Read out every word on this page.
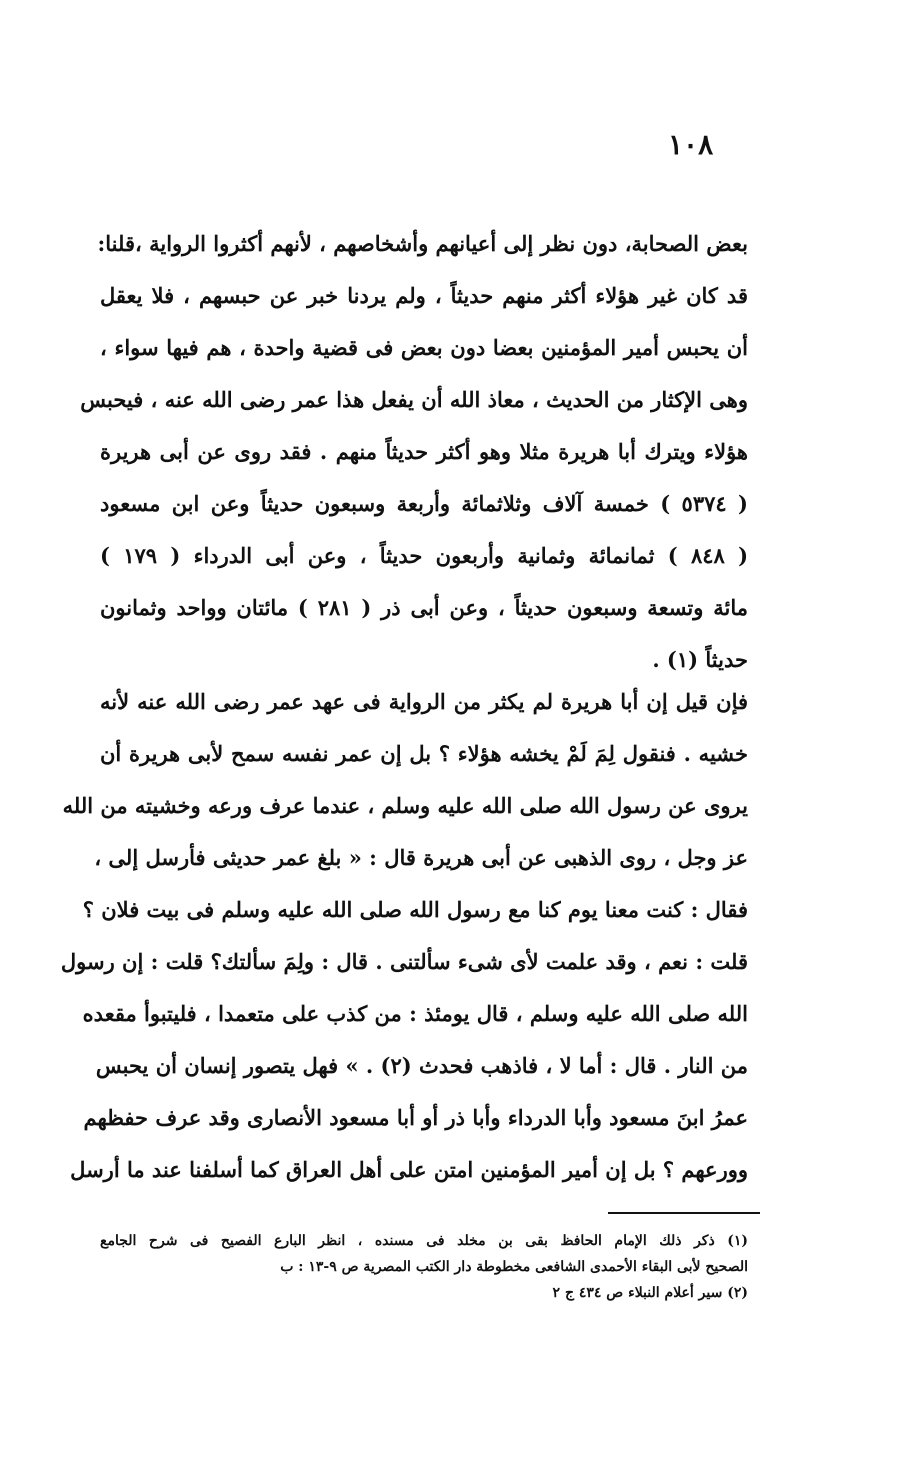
١٠٨
بعض الصحابة، دون نظر إلى أعيانهم وأشخاصهم ، لأنهم أكثروا الرواية ،قلنا:
قد كان غير هؤلاء أكثر منهم حديثاً ، ولم يردنا خبر عن حبسهم ، فلا يعقل
أن يحبس أمير المؤمنين بعضا دون بعض فى قضية واحدة ، هم فيها سواء ،
وهى الإكثار من الحديث ، معاذ الله أن يفعل هذا عمر رضى الله عنه ، فيحبس
هؤلاء ويترك أبا هريرة مثلا وهو أكثر حديثاً منهم . فقد روى عن أبى هريرة
( ٥٣٧٤ ) خمسة آلاف وثلاثمائة وأربعة وسبعون حديثاً وعن ابن مسعود
( ٨٤٨ ) ثمانمائة وثمانية وأربعون حديثاً ، وعن أبى الدرداء ( ١٧٩ )
مائة وتسعة وسبعون حديثاً ، وعن أبى ذر ( ٢٨١ ) مائتان وواحد وثمانون
حديثاً (١) .
فإن قيل إن أبا هريرة لم يكثر من الرواية فى عهد عمر رضى الله عنه لأنه
خشيه . فنقول لِمَ لَمْ يخشه هؤلاء ؟ بل إن عمر نفسه سمح لأبى هريرة أن
يروى عن رسول الله صلى الله عليه وسلم ، عندما عرف ورعه وخشيته من الله
عز وجل ، روى الذهبى عن أبى هريرة قال : « بلغ عمر حديثى فأرسل إلى ،
فقال : كنت معنا يوم كنا مع رسول الله صلى الله عليه وسلم فى بيت فلان ؟
قلت : نعم ، وقد علمت لأى شىء سألتنى . قال : ولِمَ سألتك؟ قلت : إن رسول
الله صلى الله عليه وسلم ، قال يومئذ : من كذب على متعمدا ، فليتبوأ مقعده
من النار . قال : أما لا ، فاذهب فحدث (٢) . » فهل يتصور إنسان أن يحبس
عمرُ ابنَ مسعود وأبا الدرداء وأبا ذر أو أبا مسعود الأنصارى وقد عرف حفظهم
وورعهم ؟ بل إن أمير المؤمنين امتن على أهل العراق كما أسلفنا عند ما أرسل
(١) ذكر ذلك الإمام الحافظ بقى بن مخلد فى مسنده ، انظر البارع الفصيح فى شرح الجامع
الصحيح لأبى البقاء الأحمدى الشافعى مخطوطة دار الكتب المصرية ص ٩-١٣ : ب
(٢) سير أعلام النبلاء ص ٤٣٤ ج ٢
